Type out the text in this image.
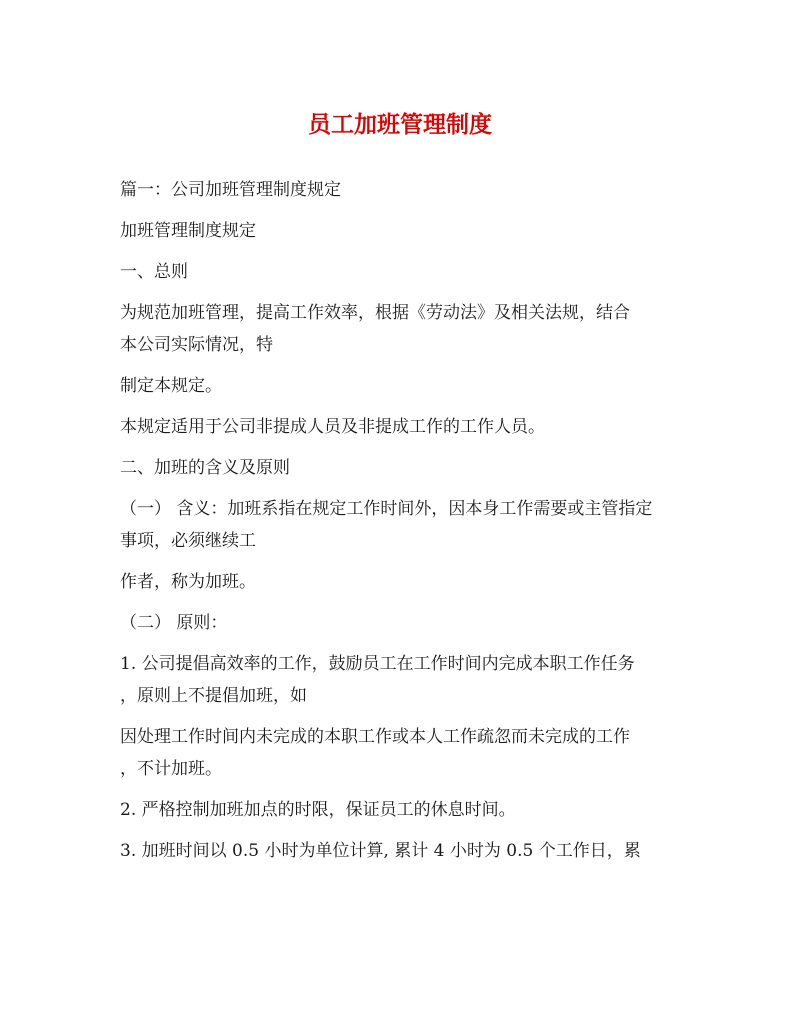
员工加班管理制度

篇一：公司加班管理制度规定

加班管理制度规定

一、总则

为规范加班管理，提高工作效率，根据《劳动法》及相关法规，结合

本公司实际情况，特

制定本规定。

本规定适用于公司非提成人员及非提成工作的工作人员。

二、加班的含义及原则

（一） 含义：加班系指在规定工作时间外，因本身工作需要或主管指定

事项，必须继续工

作者，称为加班。

（二） 原则：

1. 公司提倡高效率的工作，鼓励员工在工作时间内完成本职工作任务

，原则上不提倡加班，如

因处理工作时间内未完成的本职工作或本人工作疏忽而未完成的工作

，不计加班。

2. 严格控制加班加点的时限，保证员工的休息时间。

3. 加班时间以 0.5 小时为单位计算, 累计 4 小时为 0.5 个工作日，累
